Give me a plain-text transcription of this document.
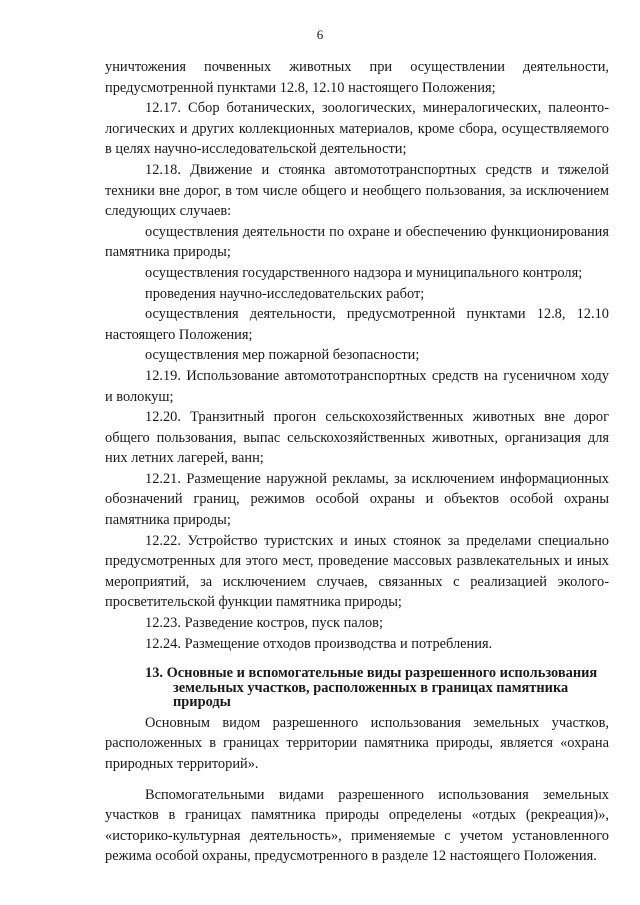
6

уничтожения почвенных животных при осуществлении деятельности, предусмотренной пунктами 12.8, 12.10 настоящего Положения;

12.17. Сбор ботанических, зоологических, минералогических, палеонтологических и других коллекционных материалов, кроме сбора, осуществляемого в целях научно-исследовательской деятельности;

12.18. Движение и стоянка автомототранспортных средств и тяжелой техники вне дорог, в том числе общего и необщего пользования, за исключением следующих случаев:

осуществления деятельности по охране и обеспечению функционирования памятника природы;

осуществления государственного надзора и муниципального контроля;

проведения научно-исследовательских работ;

осуществления деятельности, предусмотренной пунктами 12.8, 12.10 настоящего Положения;

осуществления мер пожарной безопасности;

12.19. Использование автомототранспортных средств на гусеничном ходу и волокуш;

12.20. Транзитный прогон сельскохозяйственных животных вне дорог общего пользования, выпас сельскохозяйственных животных, организация для них летних лагерей, ванн;

12.21. Размещение наружной рекламы, за исключением информационных обозначений границ, режимов особой охраны и объектов особой охраны памятника природы;

12.22. Устройство туристских и иных стоянок за пределами специально предусмотренных для этого мест, проведение массовых развлекательных и иных мероприятий, за исключением случаев, связанных с реализацией эколого-просветительской функции памятника природы;

12.23. Разведение костров, пуск палов;

12.24. Размещение отходов производства и потребления.

13. Основные и вспомогательные виды разрешенного использования
земельных участков, расположенных в границах памятника
природы

Основным видом разрешенного использования земельных участков, расположенных в границах территории памятника природы, является «охрана природных территорий».

Вспомогательными видами разрешенного использования земельных участков в границах памятника природы определены «отдых (рекреация)», «историко-культурная деятельность», применяемые с учетом установленного режима особой охраны, предусмотренного в разделе 12 настоящего Положения.
